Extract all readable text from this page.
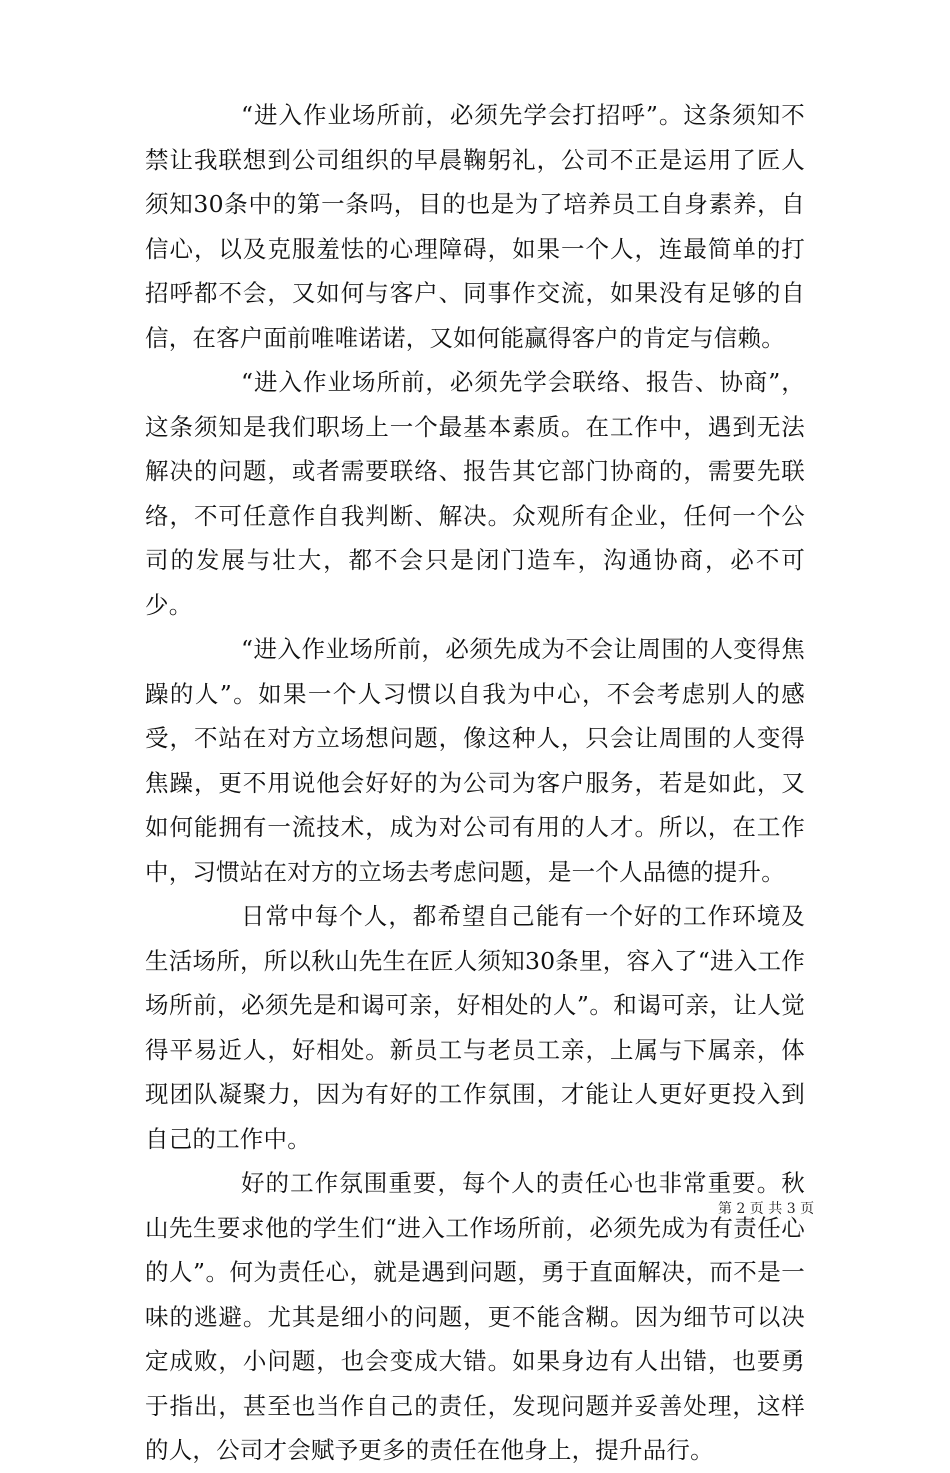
“进入作业场所前，必须先学会打招呼”。这条须知不禁让我联想到公司组织的早晨鞠躬礼，公司不正是运用了匠人须知30条中的第一条吗，目的也是为了培养员工自身素养，自信心，以及克服羞怯的心理障碍，如果一个人，连最简单的打招呼都不会，又如何与客户、同事作交流，如果没有足够的自信，在客户面前唯唯诺诺，又如何能赢得客户的肯定与信赖。

“进入作业场所前，必须先学会联络、报告、协商”，这条须知是我们职场上一个最基本素质。在工作中，遇到无法解决的问题，或者需要联络、报告其它部门协商的，需要先联络，不可任意作自我判断、解决。众观所有企业，任何一个公司的发展与壮大，都不会只是闭门造车，沟通协商，必不可少。

“进入作业场所前，必须先成为不会让周围的人变得焦躁的人”。如果一个人习惯以自我为中心，不会考虑别人的感受，不站在对方立场想问题，像这种人，只会让周围的人变得焦躁，更不用说他会好好的为公司为客户服务，若是如此，又如何能拥有一流技术，成为对公司有用的人才。所以，在工作中，习惯站在对方的立场去考虑问题，是一个人品德的提升。

日常中每个人，都希望自己能有一个好的工作环境及生活场所，所以秋山先生在匠人须知30条里，容入了“进入工作场所前，必须先是和谒可亲，好相处的人”。和谒可亲，让人觉得平易近人，好相处。新员工与老员工亲，上属与下属亲，体现团队凝聚力，因为有好的工作氛围，才能让人更好更投入到自己的工作中。

好的工作氛围重要，每个人的责任心也非常重要。秋山先生要求他的学生们“进入工作场所前，必须先成为有责任心的人”。何为责任心，就是遇到问题，勇于直面解决，而不是一味的逃避。尤其是细小的问题，更不能含糊。因为细节可以决定成败，小问题，也会变成大错。如果身边有人出错，也要勇于指出，甚至也当作自己的责任，发现问题并妥善处理，这样的人，公司才会赋予更多的责任在他身上，提升品行。

第 2 页 共 3 页
